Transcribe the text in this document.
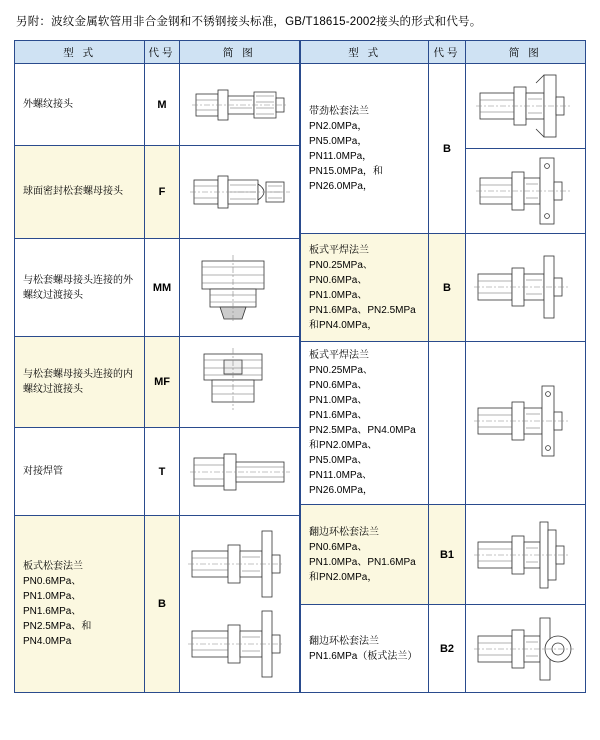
另附：波纹金属软管用非合金钢和不锈钢接头标准，GB/T18615-2002接头的形式和代号。
型 式	代号	简 图
外螺纹接头	M	

球面密封松套螺母接头	F	

与松套螺母接头连接的外螺纹过渡接头	MM	

与松套螺母接头连接的内螺纹过渡接头	MF	

对接焊管	T	

板式松套法兰 PN0.6MPa、PN1.0MPa、PN1.6MPa、PN2.5MPa、和PN4.0MPa	B	
型 式	代号	简 图
带劲松套法兰 PN2.0MPa，PN5.0MPa，PN11.0MPa，PN15.0MPa，和PN26.0MPa，	B	

板式平焊法兰 PN0.25MPa、PN0.6MPa、PN1.0MPa、PN1.6MPa、PN2.5MPa和PN4.0MPa，	B	

板式平焊法兰 PN0.25MPa、PN0.6MPa、PN1.0MPa、PN1.6MPa、PN2.5MPa、PN4.0MPa 和PN2.0MPa、PN5.0MPa、PN11.0MPa、PN26.0MPa，		

翻边环松套法兰 PN0.6MPa、PN1.0MPa、PN1.6MPa和PN2.0MPa，	B1	

翻边环松套法兰 PN1.6MPa（板式法兰）	B2	
